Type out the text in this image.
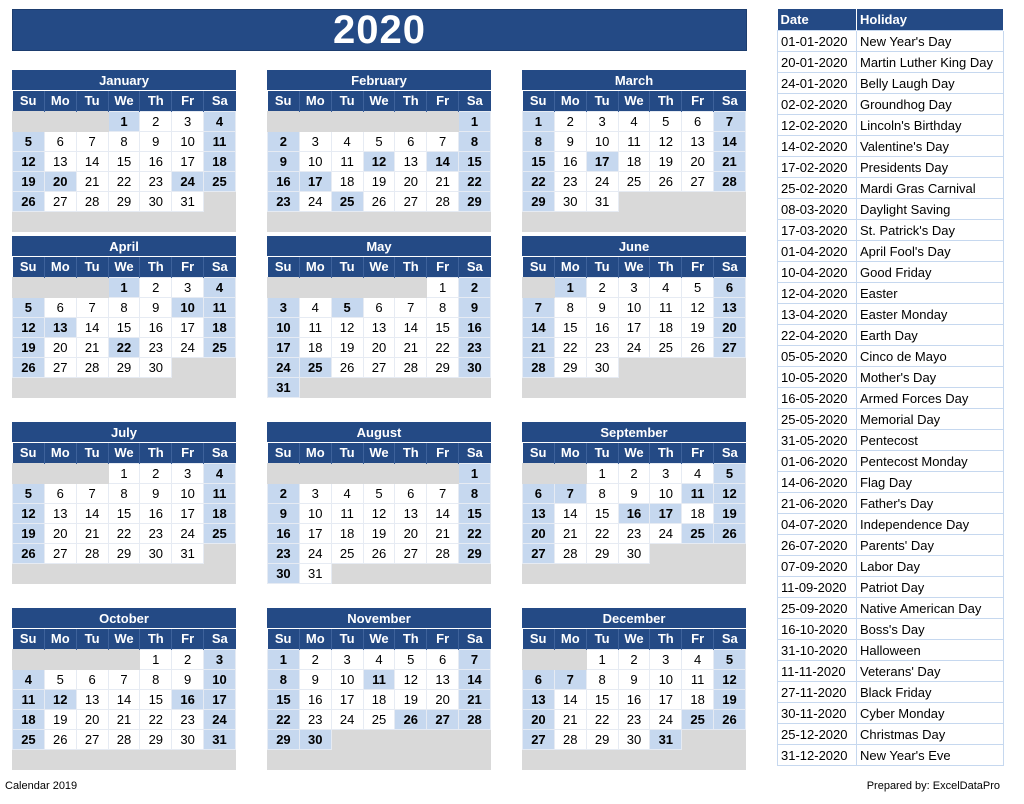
2020
January
Su	Mo	Tu	We	Th	Fr	Sa
			1	2	3	4
5	6	7	8	9	10	11
12	13	14	15	16	17	18
19	20	21	22	23	24	25
26	27	28	29	30	31	

February
Su	Mo	Tu	We	Th	Fr	Sa
						1
2	3	4	5	6	7	8
9	10	11	12	13	14	15
16	17	18	19	20	21	22
23	24	25	26	27	28	29

March
Su	Mo	Tu	We	Th	Fr	Sa
1	2	3	4	5	6	7
8	9	10	11	12	13	14
15	16	17	18	19	20	21
22	23	24	25	26	27	28
29	30	31				

April
Su	Mo	Tu	We	Th	Fr	Sa
			1	2	3	4
5	6	7	8	9	10	11
12	13	14	15	16	17	18
19	20	21	22	23	24	25
26	27	28	29	30		

May
Su	Mo	Tu	We	Th	Fr	Sa
					1	2
3	4	5	6	7	8	9
10	11	12	13	14	15	16
17	18	19	20	21	22	23
24	25	26	27	28	29	30
31						
June
Su	Mo	Tu	We	Th	Fr	Sa
	1	2	3	4	5	6
7	8	9	10	11	12	13
14	15	16	17	18	19	20
21	22	23	24	25	26	27
28	29	30				

July
Su	Mo	Tu	We	Th	Fr	Sa
			1	2	3	4
5	6	7	8	9	10	11
12	13	14	15	16	17	18
19	20	21	22	23	24	25
26	27	28	29	30	31	

August
Su	Mo	Tu	We	Th	Fr	Sa
						1
2	3	4	5	6	7	8
9	10	11	12	13	14	15
16	17	18	19	20	21	22
23	24	25	26	27	28	29
30	31					
September
Su	Mo	Tu	We	Th	Fr	Sa
		1	2	3	4	5
6	7	8	9	10	11	12
13	14	15	16	17	18	19
20	21	22	23	24	25	26
27	28	29	30			

October
Su	Mo	Tu	We	Th	Fr	Sa
				1	2	3
4	5	6	7	8	9	10
11	12	13	14	15	16	17
18	19	20	21	22	23	24
25	26	27	28	29	30	31

November
Su	Mo	Tu	We	Th	Fr	Sa
1	2	3	4	5	6	7
8	9	10	11	12	13	14
15	16	17	18	19	20	21
22	23	24	25	26	27	28
29	30					

December
Su	Mo	Tu	We	Th	Fr	Sa
		1	2	3	4	5
6	7	8	9	10	11	12
13	14	15	16	17	18	19
20	21	22	23	24	25	26
27	28	29	30	31		

Date	Holiday
01-01-2020	New Year's Day
20-01-2020	Martin Luther King Day
24-01-2020	Belly Laugh Day
02-02-2020	Groundhog Day
12-02-2020	Lincoln's Birthday
14-02-2020	Valentine's Day
17-02-2020	Presidents Day
25-02-2020	Mardi Gras Carnival
08-03-2020	Daylight Saving
17-03-2020	St. Patrick's Day
01-04-2020	April Fool's Day
10-04-2020	Good Friday
12-04-2020	Easter
13-04-2020	Easter Monday
22-04-2020	Earth Day
05-05-2020	Cinco de Mayo
10-05-2020	Mother's Day
16-05-2020	Armed Forces Day
25-05-2020	Memorial Day
31-05-2020	Pentecost
01-06-2020	Pentecost Monday
14-06-2020	Flag Day
21-06-2020	Father's Day
04-07-2020	Independence Day
26-07-2020	Parents' Day
07-09-2020	Labor Day
11-09-2020	Patriot Day
25-09-2020	Native American Day
16-10-2020	Boss's Day
31-10-2020	Halloween
11-11-2020	Veterans' Day
27-11-2020	Black Friday
30-11-2020	Cyber Monday
25-12-2020	Christmas Day
31-12-2020	New Year's Eve
Calendar 2019	Prepared by: ExcelDataPro
